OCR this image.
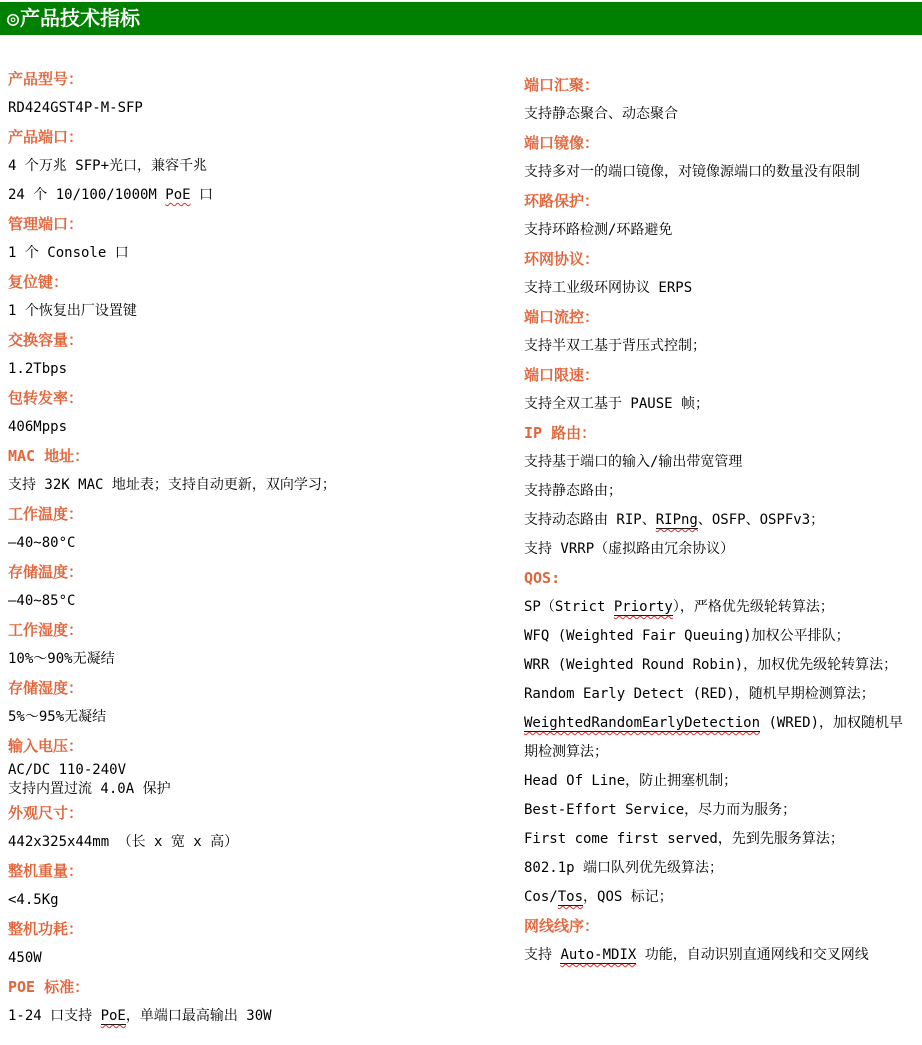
◎产品技术指标
产品型号：
RD424GST4P-M-SFP
产品端口：
4 个万兆 SFP+光口，兼容千兆
24 个 10/100/1000M PoE 口
管理端口：
1 个 Console 口
复位键：
1 个恢复出厂设置键
交换容量：
1.2Tbps
包转发率：
406Mpps
MAC 地址：
支持 32K MAC 地址表；支持自动更新，双向学习；
工作温度：
—40~80°C
存储温度：
—40~85°C
工作湿度：
10%～90%无凝结
存储湿度：
5%～95%无凝结
输入电压：
AC/DC 110-240V
支持内置过流 4.0A 保护
外观尺寸：
442x325x44mm （长 x 宽 x 高）
整机重量：
<4.5Kg
整机功耗：
450W
POE 标准：
1-24 口支持 PoE，单端口最高输出 30W
端口汇聚：
支持静态聚合、动态聚合
端口镜像：
支持多对一的端口镜像，对镜像源端口的数量没有限制
环路保护：
支持环路检测/环路避免
环网协议：
支持工业级环网协议 ERPS
端口流控：
支持半双工基于背压式控制；
端口限速：
支持全双工基于 PAUSE 帧；
IP 路由：
支持基于端口的输入/输出带宽管理
支持静态路由；
支持动态路由 RIP、RIPng、OSFP、OSPFv3；
支持 VRRP（虚拟路由冗余协议）
QOS:
SP（Strict Priorty），严格优先级轮转算法；
WFQ (Weighted Fair Queuing)加权公平排队；
WRR (Weighted Round Robin)，加权优先级轮转算法；
Random Early Detect (RED)，随机早期检测算法；
WeightedRandomEarlyDetection (WRED)，加权随机早期检测算法；
Head Of Line，防止拥塞机制；
Best-Effort Service，尽力而为服务；
First come first served，先到先服务算法；
802.1p 端口队列优先级算法；
Cos/Tos，QOS 标记；
网线线序：
支持 Auto-MDIX 功能，自动识别直通网线和交叉网线
